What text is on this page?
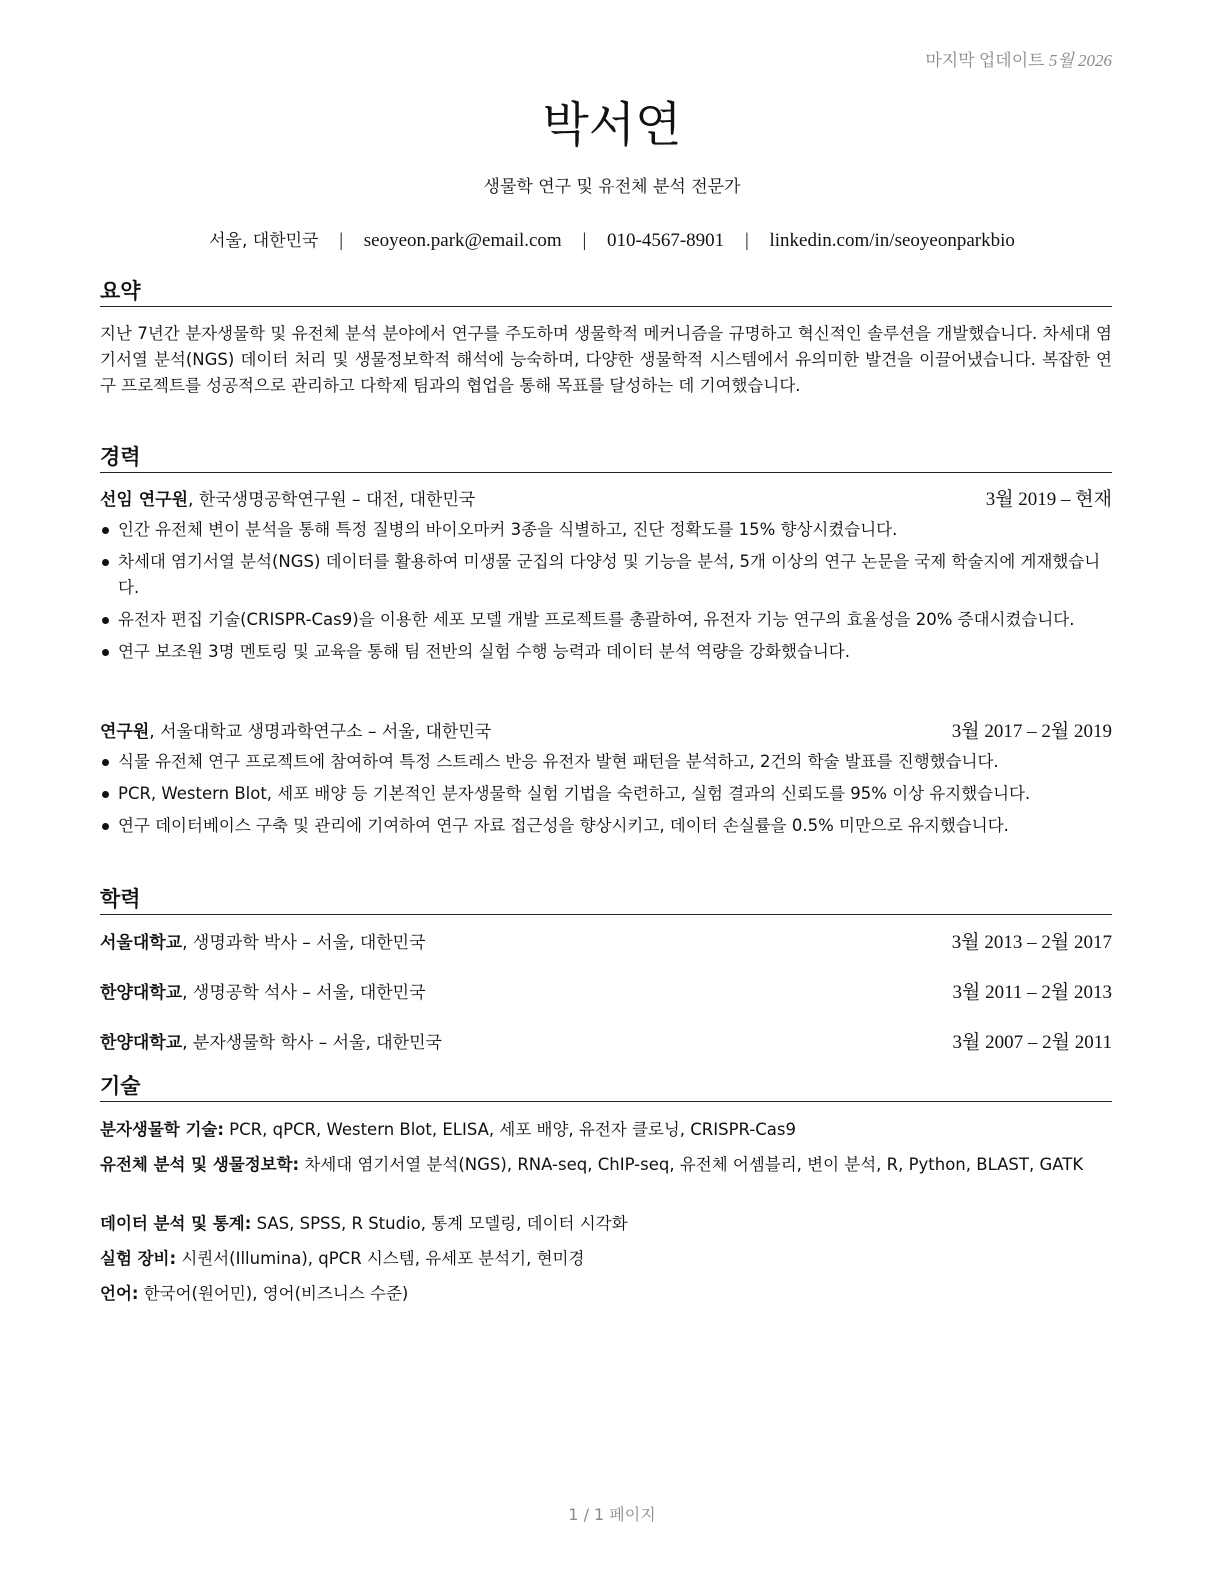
마지막 업데이트 5월 2026
박서연
생물학 연구 및 유전체 분석 전문가
서울, 대한민국 | seoyeon.park@email.com | 010-4567-8901 | linkedin.com/in/seoyeonparkbio
요약
지난 7년간 분자생물학 및 유전체 분석 분야에서 연구를 주도하며 생물학적 메커니즘을 규명하고 혁신적인 솔루션을 개발했습니다. 차세대 염기서열 분석(NGS) 데이터 처리 및 생물정보학적 해석에 능숙하며, 다양한 생물학적 시스템에서 유의미한 발견을 이끌어냈습니다. 복잡한 연구 프로젝트를 성공적으로 관리하고 다학제 팀과의 협업을 통해 목표를 달성하는 데 기여했습니다.
경력
선임 연구원, 한국생명공학연구원 – 대전, 대한민국	3월 2019 – 현재
인간 유전체 변이 분석을 통해 특정 질병의 바이오마커 3종을 식별하고, 진단 정확도를 15% 향상시켰습니다.
차세대 염기서열 분석(NGS) 데이터를 활용하여 미생물 군집의 다양성 및 기능을 분석, 5개 이상의 연구 논문을 국제 학술지에 게재했습니다.
유전자 편집 기술(CRISPR-Cas9)을 이용한 세포 모델 개발 프로젝트를 총괄하여, 유전자 기능 연구의 효율성을 20% 증대시켰습니다.
연구 보조원 3명 멘토링 및 교육을 통해 팀 전반의 실험 수행 능력과 데이터 분석 역량을 강화했습니다.
연구원, 서울대학교 생명과학연구소 – 서울, 대한민국	3월 2017 – 2월 2019
식물 유전체 연구 프로젝트에 참여하여 특정 스트레스 반응 유전자 발현 패턴을 분석하고, 2건의 학술 발표를 진행했습니다.
PCR, Western Blot, 세포 배양 등 기본적인 분자생물학 실험 기법을 숙련하고, 실험 결과의 신뢰도를 95% 이상 유지했습니다.
연구 데이터베이스 구축 및 관리에 기여하여 연구 자료 접근성을 향상시키고, 데이터 손실률을 0.5% 미만으로 유지했습니다.
학력
서울대학교, 생명과학 박사 – 서울, 대한민국	3월 2013 – 2월 2017
한양대학교, 생명공학 석사 – 서울, 대한민국	3월 2011 – 2월 2013
한양대학교, 분자생물학 학사 – 서울, 대한민국	3월 2007 – 2월 2011
기술
분자생물학 기술: PCR, qPCR, Western Blot, ELISA, 세포 배양, 유전자 클로닝, CRISPR-Cas9
유전체 분석 및 생물정보학: 차세대 염기서열 분석(NGS), RNA-seq, ChIP-seq, 유전체 어셈블리, 변이 분석, R, Python, BLAST, GATK
데이터 분석 및 통계: SAS, SPSS, R Studio, 통계 모델링, 데이터 시각화
실험 장비: 시퀀서(Illumina), qPCR 시스템, 유세포 분석기, 현미경
언어: 한국어(원어민), 영어(비즈니스 수준)
1 / 1 페이지
